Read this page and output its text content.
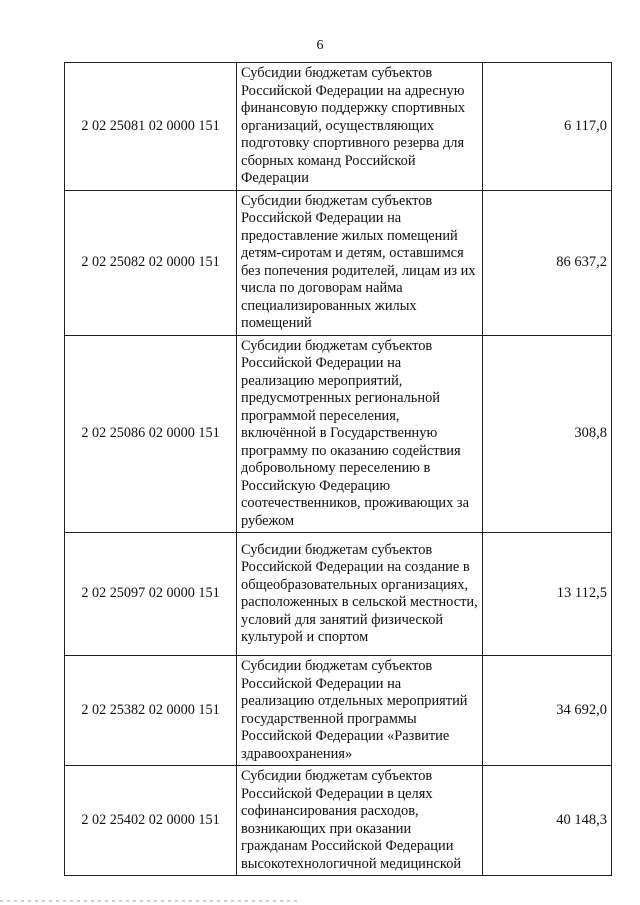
6
2 02 25081 02 0000 151	Субсидии бюджетам субъектов Российской Федерации на адресную финансовую поддержку спортивных организаций, осуществляющих подготовку спортивного резерва для сборных команд Российской Федерации	6 117,0
2 02 25082 02 0000 151	Субсидии бюджетам субъектов Российской Федерации на предоставление жилых помещений детям-сиротам и детям, оставшимся без попечения родителей, лицам из их числа по договорам найма специализированных жилых помещений	86 637,2
2 02 25086 02 0000 151	Субсидии бюджетам субъектов Российской Федерации на реализацию мероприятий, предусмотренных региональной программой переселения, включённой в Государственную программу по оказанию содействия добровольному переселению в Российскую Федерацию соотечественников, проживающих за рубежом	308,8
2 02 25097 02 0000 151	Субсидии бюджетам субъектов Российской Федерации на создание в общеобразовательных организациях, расположенных в сельской местности, условий для занятий физической культурой и спортом	13 112,5
2 02 25382 02 0000 151	Субсидии бюджетам субъектов Российской Федерации на реализацию отдельных мероприятий государственной программы Российской Федерации «Развитие здравоохранения»	34 692,0
2 02 25402 02 0000 151	Субсидии бюджетам субъектов Российской Федерации в целях софинансирования расходов, возникающих при оказании гражданам Российской Федерации высокотехнологичной медицинской	40 148,3
